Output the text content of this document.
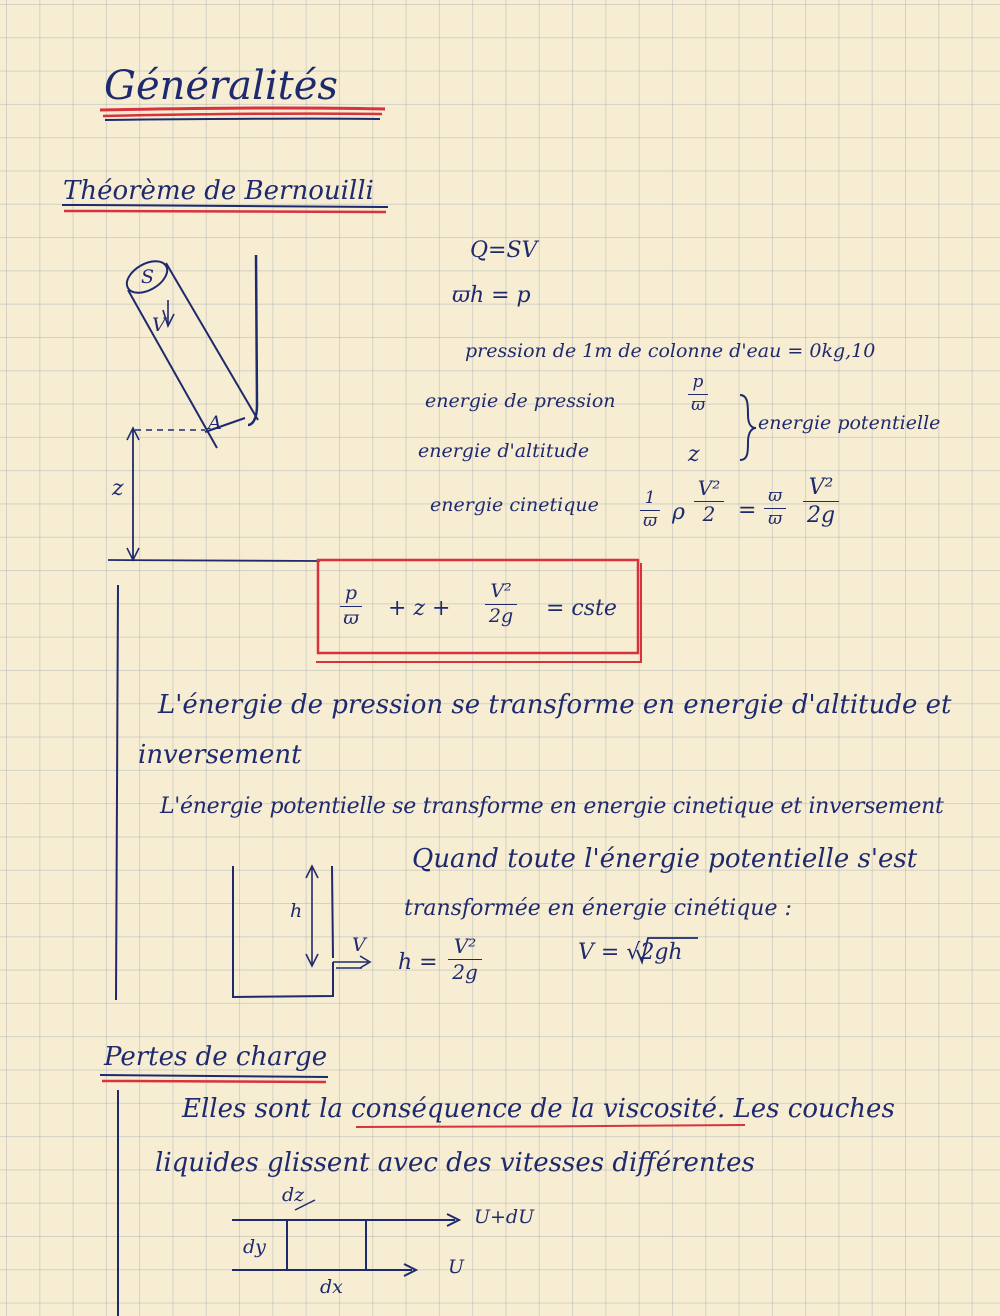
Généralités
Théorème de Bernouilli
S
V
A
z
Q=SV
ϖh = p
pression de 1m de colonne d'eau = 0kg,10
energie de pression
p
ϖ
energie d'altitude	z
energie potentielle
energie cinetique	1
ϖ ρ
V²
2	=
ϖ
ϖ
V²
2g
p
ϖ + z +
V²
2g = cste
L'énergie de pression se transforme en energie d'altitude et
inversement
L'énergie potentielle se transforme en energie cinetique et inversement
h
V
Quand toute l'énergie potentielle s'est
transformée en énergie cinétique :
h =
V²
2g
V = √2gh
Pertes de charge
Elles sont la conséquence de la viscosité. Les couches
liquides glissent avec des vitesses différentes
dz
dy
dx
U+dU
U
